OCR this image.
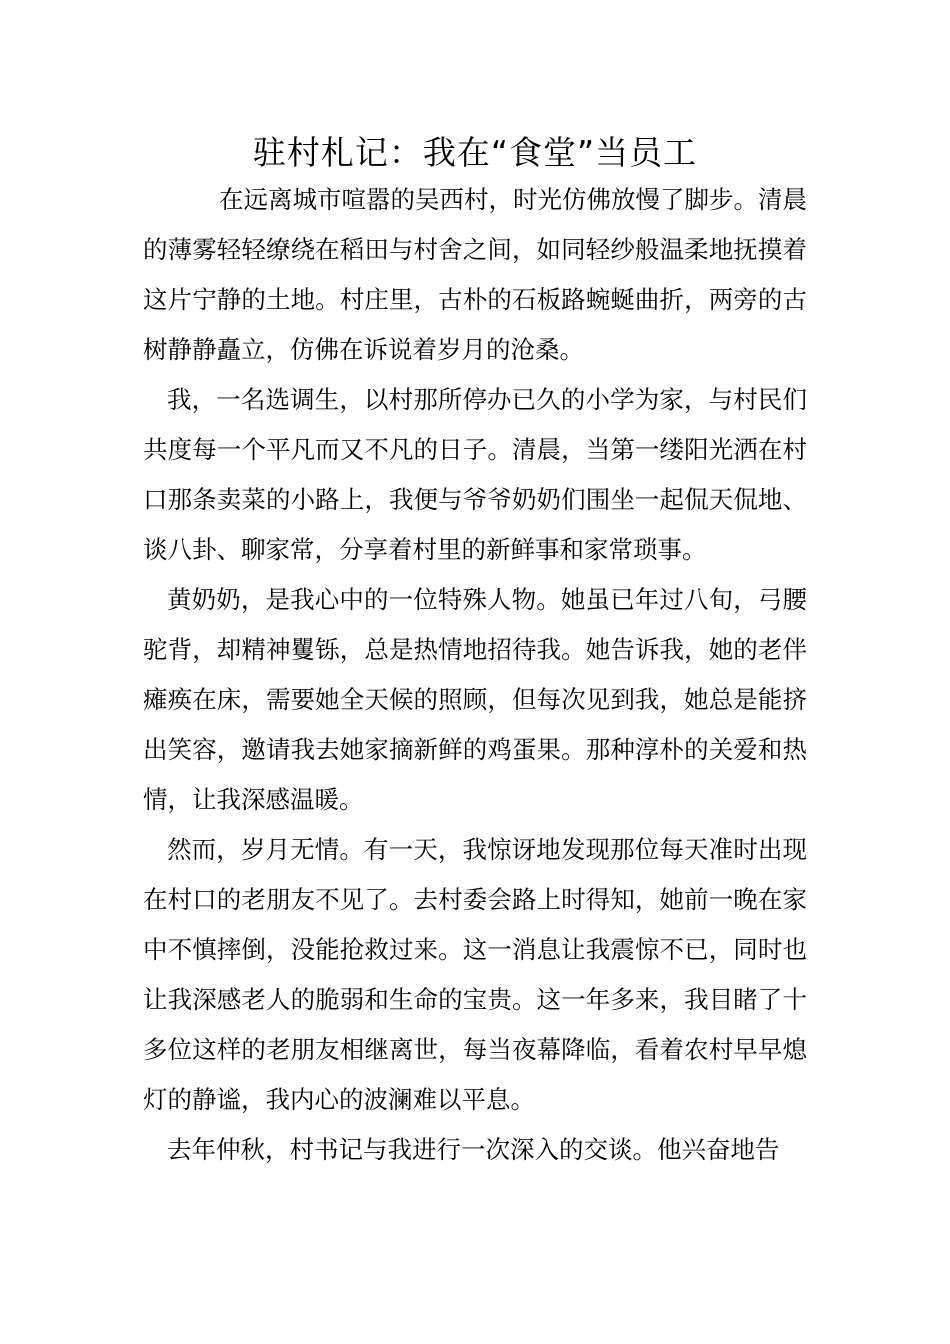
驻村札记：我在“食堂”当员工

在远离城市喧嚣的吴西村，时光仿佛放慢了脚步。清晨的薄雾轻轻缭绕在稻田与村舍之间，如同轻纱般温柔地抚摸着这片宁静的土地。村庄里，古朴的石板路蜿蜒曲折，两旁的古树静静矗立，仿佛在诉说着岁月的沧桑。

我，一名选调生，以村那所停办已久的小学为家，与村民们共度每一个平凡而又不凡的日子。清晨，当第一缕阳光洒在村口那条卖菜的小路上，我便与爷爷奶奶们围坐一起侃天侃地、谈八卦、聊家常，分享着村里的新鲜事和家常琐事。

黄奶奶，是我心中的一位特殊人物。她虽已年过八旬，弓腰驼背，却精神矍铄，总是热情地招待我。她告诉我，她的老伴瘫痪在床，需要她全天候的照顾，但每次见到我，她总是能挤出笑容，邀请我去她家摘新鲜的鸡蛋果。那种淳朴的关爱和热情，让我深感温暖。

然而，岁月无情。有一天，我惊讶地发现那位每天准时出现在村口的老朋友不见了。去村委会路上时得知，她前一晚在家中不慎摔倒，没能抢救过来。这一消息让我震惊不已，同时也让我深感老人的脆弱和生命的宝贵。这一年多来，我目睹了十多位这样的老朋友相继离世，每当夜幕降临，看着农村早早熄灯的静谧，我内心的波澜难以平息。

去年仲秋，村书记与我进行一次深入的交谈。他兴奋地告
